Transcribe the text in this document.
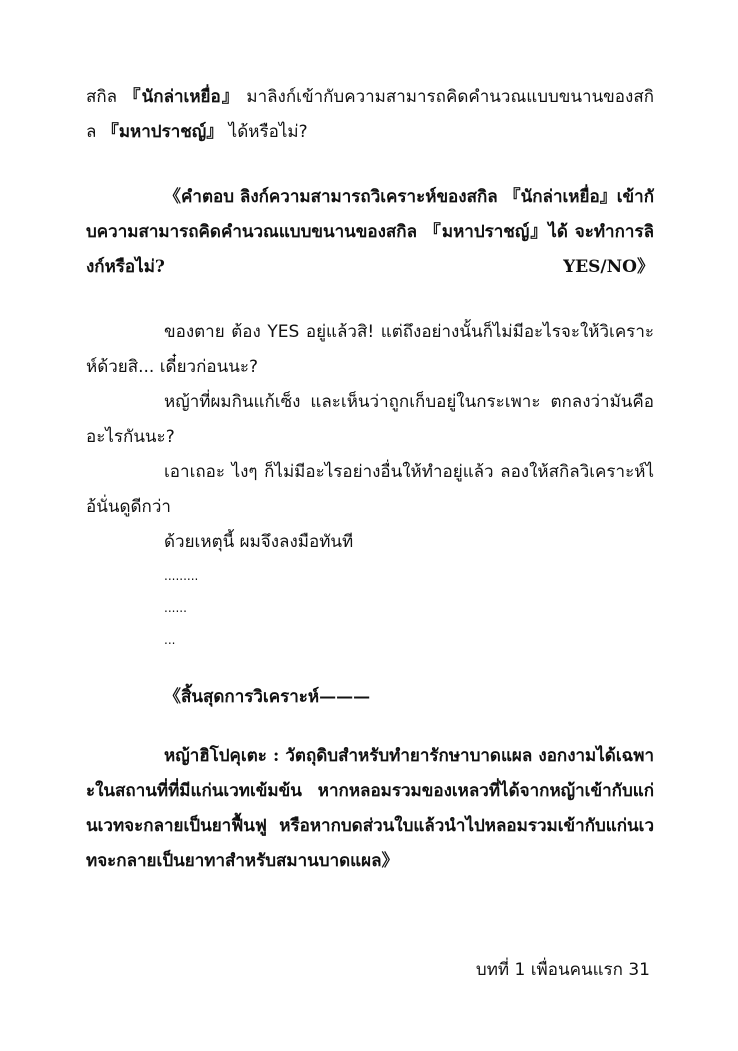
สกิล 『นักล่าเหยื่อ』 มาลิงก์เข้ากับความสามารถคิดคำนวณแบบขนานของสกิล 『มหาปราชญ์』 ได้หรือไม่?

《คำตอบ ลิงก์ความสามารถวิเคราะห์ของสกิล 『นักล่าเหยื่อ』เข้ากับความสามารถคิดคำนวณแบบขนานของสกิล 『มหาปราชญ์』ได้ จะทำการลิงก์หรือไม่?	YES/NO》

ของตาย ต้อง YES อยู่แล้วสิ! แต่ถึงอย่างนั้นก็ไม่มีอะไรจะให้วิเคราะห์ด้วยสิ... เดี๋ยวก่อนนะ?

หญ้าที่ผมกินแก้เซ็ง และเห็นว่าถูกเก็บอยู่ในกระเพาะ ตกลงว่ามันคืออะไรกันนะ?

เอาเถอะ ไงๆ ก็ไม่มีอะไรอย่างอื่นให้ทำอยู่แล้ว ลองให้สกิลวิเคราะห์ไอ้นั่นดูดีกว่า

ด้วยเหตุนี้ ผมจึงลงมือทันที

.........

......

...

《สิ้นสุดการวิเคราะห์———

หญ้าฮิโปคุเตะ : วัตถุดิบสำหรับทำยารักษาบาดแผล งอกงามได้เฉพาะในสถานที่ที่มีแก่นเวทเข้มข้น หากหลอมรวมของเหลวที่ได้จากหญ้าเข้ากับแก่นเวทจะกลายเป็นยาฟื้นฟู หรือหากบดส่วนใบแล้วนำไปหลอมรวมเข้ากับแก่นเวทจะกลายเป็นยาทาสำหรับสมานบาดแผล》

บทที่ 1 เพื่อนคนแรก 31
